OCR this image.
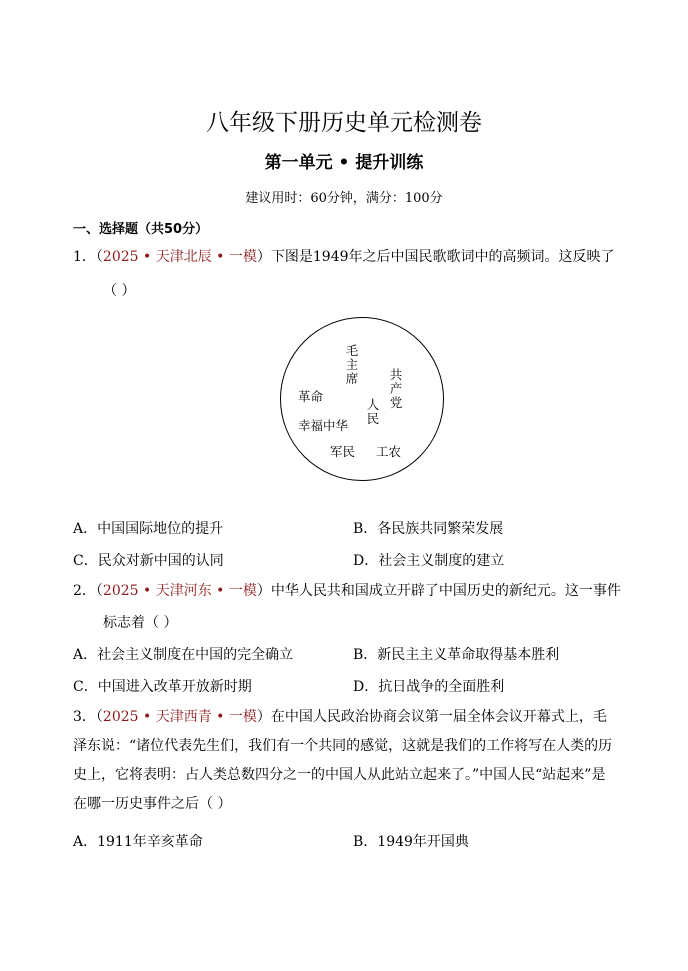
八年级下册历史单元检测卷
第一单元 • 提升训练
建议用时：60分钟，满分：100分
一、选择题（共50分）
1．（2025 • 天津北辰 • 一模）下图是1949年之后中国民歌歌词中的高频词。这反映了
（ ）
毛主席	共产党
革命
人民
幸福中华
军民 工农
A．中国国际地位的提升	B．各民族共同繁荣发展
C．民众对新中国的认同	D．社会主义制度的建立
2．（2025 • 天津河东 • 一模）中华人民共和国成立开辟了中国历史的新纪元。这一事件
标志着（ ）
A．社会主义制度在中国的完全确立	B．新民主主义革命取得基本胜利
C．中国进入改革开放新时期	D．抗日战争的全面胜利
3．（2025 • 天津西青 • 一模）在中国人民政治协商会议第一届全体会议开幕式上，毛泽东说：“诸位代表先生们，我们有一个共同的感觉，这就是我们的工作将写在人类的历史上，它将表明：占人类总数四分之一的中国人从此站立起来了。”中国人民“站起来”是在哪一历史事件之后（ ）
A．1911年辛亥革命	B．1949年开国典
